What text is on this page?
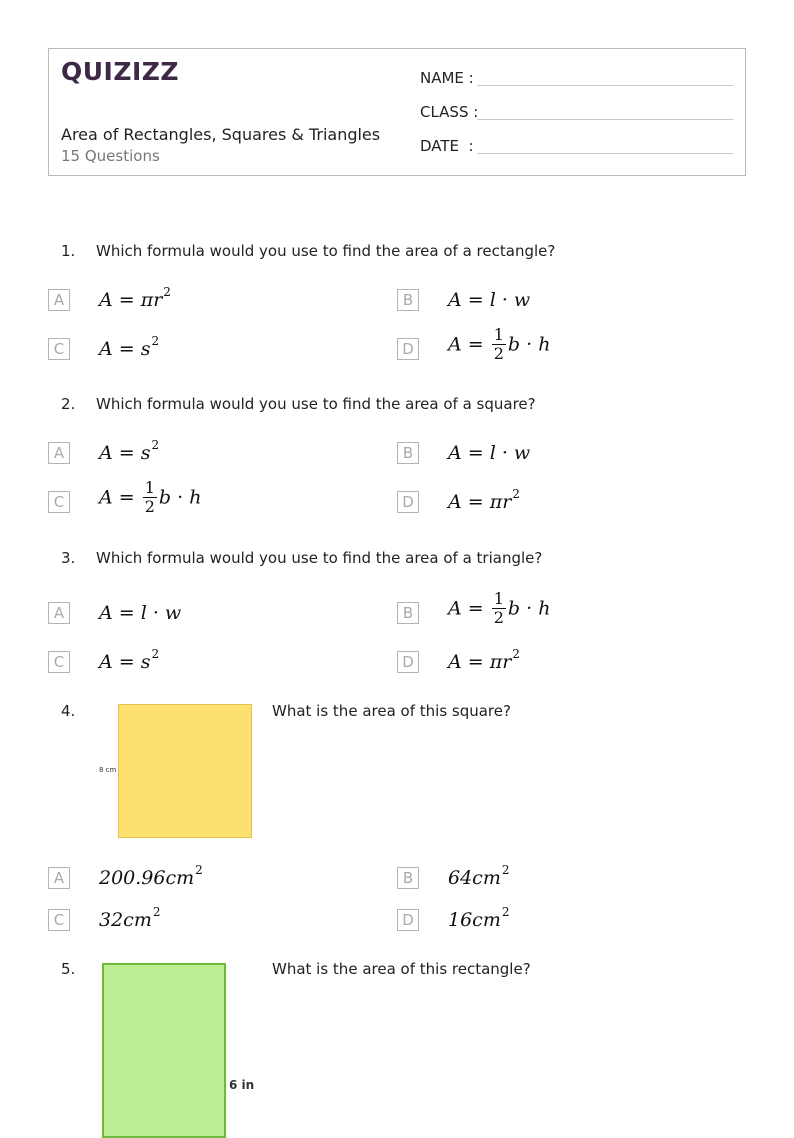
QUIZIZZ
Area of Rectangles, Squares & Triangles
15 Questions
NAME :
CLASS :
DATE  :
1. Which formula would you use to find the area of a rectangle?
A	$A = \pi r^2$	B	A = l · w
C	$A = s^2$	D $A = \frac{1}{2}$ b · h
2. Which formula would you use to find the area of a square?
A	$A = s^2$	B	A = l · w
C	$A = \frac{1}{2}$ b · h	D $A = \pi r^2$
3. Which formula would you use to find the area of a triangle?
A	A = l · w	B	$A = \frac{1}{2}$ b · h
C	$A = s^2$	D $A = \pi r^2$
4.
8 cm
What is the area of this square?
A	$200.96cm^2$	B	$64cm^2$
C	$32cm^2$	D $16cm^2$
5.
6 in
What is the area of this rectangle?
